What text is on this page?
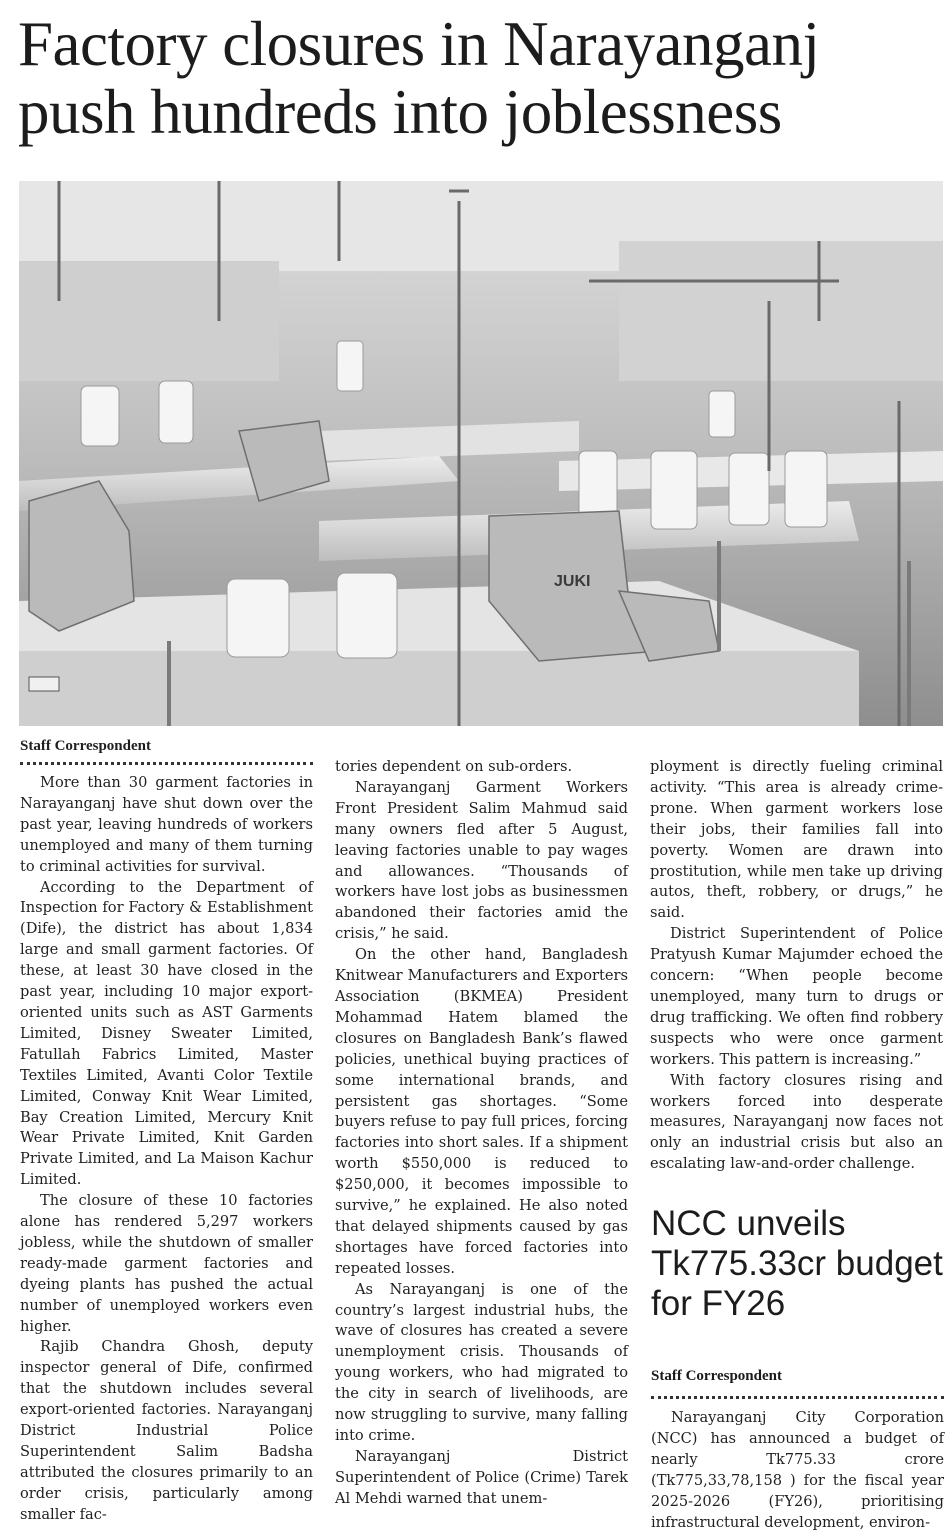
Factory closures in Narayanganj push hundreds into joblessness
JUKI
Staff Correspondent

More than 30 garment factories in Narayanganj have shut down over the past year, leaving hundreds of workers unemployed and many of them turning to criminal activities for survival.

According to the Department of Inspection for Factory & Establishment (Dife), the district has about 1,834 large and small garment factories. Of these, at least 30 have closed in the past year, including 10 major export-oriented units such as AST Garments Limited, Disney Sweater Limited, Fatullah Fabrics Limited, Master Textiles Limited, Avanti Color Textile Limited, Conway Knit Wear Limited, Bay Creation Limited, Mercury Knit Wear Private Limited, Knit Garden Private Limited, and La Maison Kachur Limited.

The closure of these 10 factories alone has rendered 5,297 workers jobless, while the shutdown of smaller ready-made garment factories and dyeing plants has pushed the actual number of unemployed workers even higher.

Rajib Chandra Ghosh, deputy inspector general of Dife, confirmed that the shutdown includes several export-oriented factories. Narayanganj District Industrial Police Superintendent Salim Badsha attributed the closures primarily to an order crisis, particularly among smaller fac-

tories dependent on sub-orders.

Narayanganj Garment Workers Front President Salim Mahmud said many owners fled after 5 August, leaving factories unable to pay wages and allowances. “Thousands of workers have lost jobs as businessmen abandoned their factories amid the crisis,” he said.

On the other hand, Bangladesh Knitwear Manufacturers and Exporters Association (BKMEA) President Mohammad Hatem blamed the closures on Bangladesh Bank’s flawed policies, unethical buying practices of some international brands, and persistent gas shortages. “Some buyers refuse to pay full prices, forcing factories into short sales. If a shipment worth $550,000 is reduced to $250,000, it becomes impossible to survive,” he explained. He also noted that delayed shipments caused by gas shortages have forced factories into repeated losses.

As Narayanganj is one of the country’s largest industrial hubs, the wave of closures has created a severe unemployment crisis. Thousands of young workers, who had migrated to the city in search of livelihoods, are now struggling to survive, many falling into crime.

Narayanganj District Superintendent of Police (Crime) Tarek Al Mehdi warned that unem-

ployment is directly fueling criminal activity. “This area is already crime-prone. When garment workers lose their jobs, their families fall into poverty. Women are drawn into prostitution, while men take up driving autos, theft, robbery, or drugs,” he said.

District Superintendent of Police Pratyush Kumar Majumder echoed the concern: “When people become unemployed, many turn to drugs or drug trafficking. We often find robbery suspects who were once garment workers. This pattern is increasing.”

With factory closures rising and workers forced into desperate measures, Narayanganj now faces not only an industrial crisis but also an escalating law-and-order challenge.

NCC unveils Tk775.33cr budget for FY26
Staff Correspondent

Narayanganj City Corporation (NCC) has announced a budget of nearly Tk775.33 crore (Tk775,33,78,158 ) for the fiscal year 2025-2026 (FY26), prioritising infrastructural development, environ-
